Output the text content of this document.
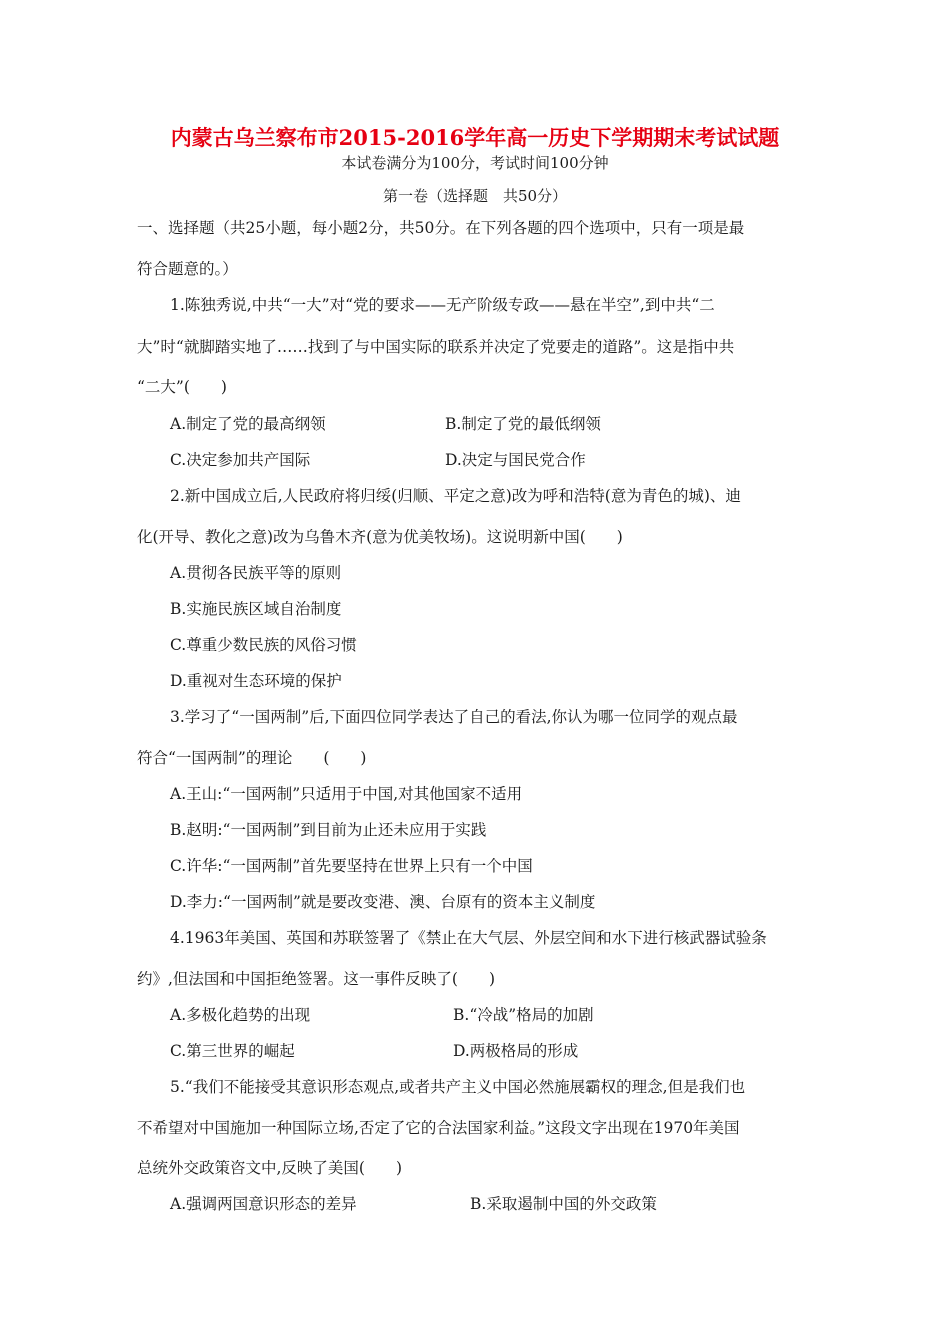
内蒙古乌兰察布市2015-2016学年高一历史下学期期末考试试题
本试卷满分为100分，考试时间100分钟
第一卷（选择题　共50分）
一、选择题（共25小题，每小题2分，共50分。在下列各题的四个选项中，只有一项是最
符合题意的。）
1.陈独秀说,中共“一大”对“党的要求——无产阶级专政——悬在半空”,到中共“二
大”时“就脚踏实地了……找到了与中国实际的联系并决定了党要走的道路”。这是指中共
“二大”(　　)
A.制定了党的最高纲领	B.制定了党的最低纲领
C.决定参加共产国际	D.决定与国民党合作
2.新中国成立后,人民政府将归绥(归顺、平定之意)改为呼和浩特(意为青色的城)、迪
化(开导、教化之意)改为乌鲁木齐(意为优美牧场)。这说明新中国(　　)
A.贯彻各民族平等的原则
B.实施民族区域自治制度
C.尊重少数民族的风俗习惯
D.重视对生态环境的保护
3.学习了“一国两制”后,下面四位同学表达了自己的看法,你认为哪一位同学的观点最
符合“一国两制”的理论　　(　　)
A.王山:“一国两制”只适用于中国,对其他国家不适用
B.赵明:“一国两制”到目前为止还未应用于实践
C.许华:“一国两制”首先要坚持在世界上只有一个中国
D.李力:“一国两制”就是要改变港、澳、台原有的资本主义制度
4.1963年美国、英国和苏联签署了《禁止在大气层、外层空间和水下进行核武器试验条
约》,但法国和中国拒绝签署。这一事件反映了(　　)
A.多极化趋势的出现	B.“冷战”格局的加剧
C.第三世界的崛起	D.两极格局的形成
5.“我们不能接受其意识形态观点,或者共产主义中国必然施展霸权的理念,但是我们也
不希望对中国施加一种国际立场,否定了它的合法国家利益。”这段文字出现在1970年美国
总统外交政策咨文中,反映了美国(　　)
A.强调两国意识形态的差异	B.采取遏制中国的外交政策
